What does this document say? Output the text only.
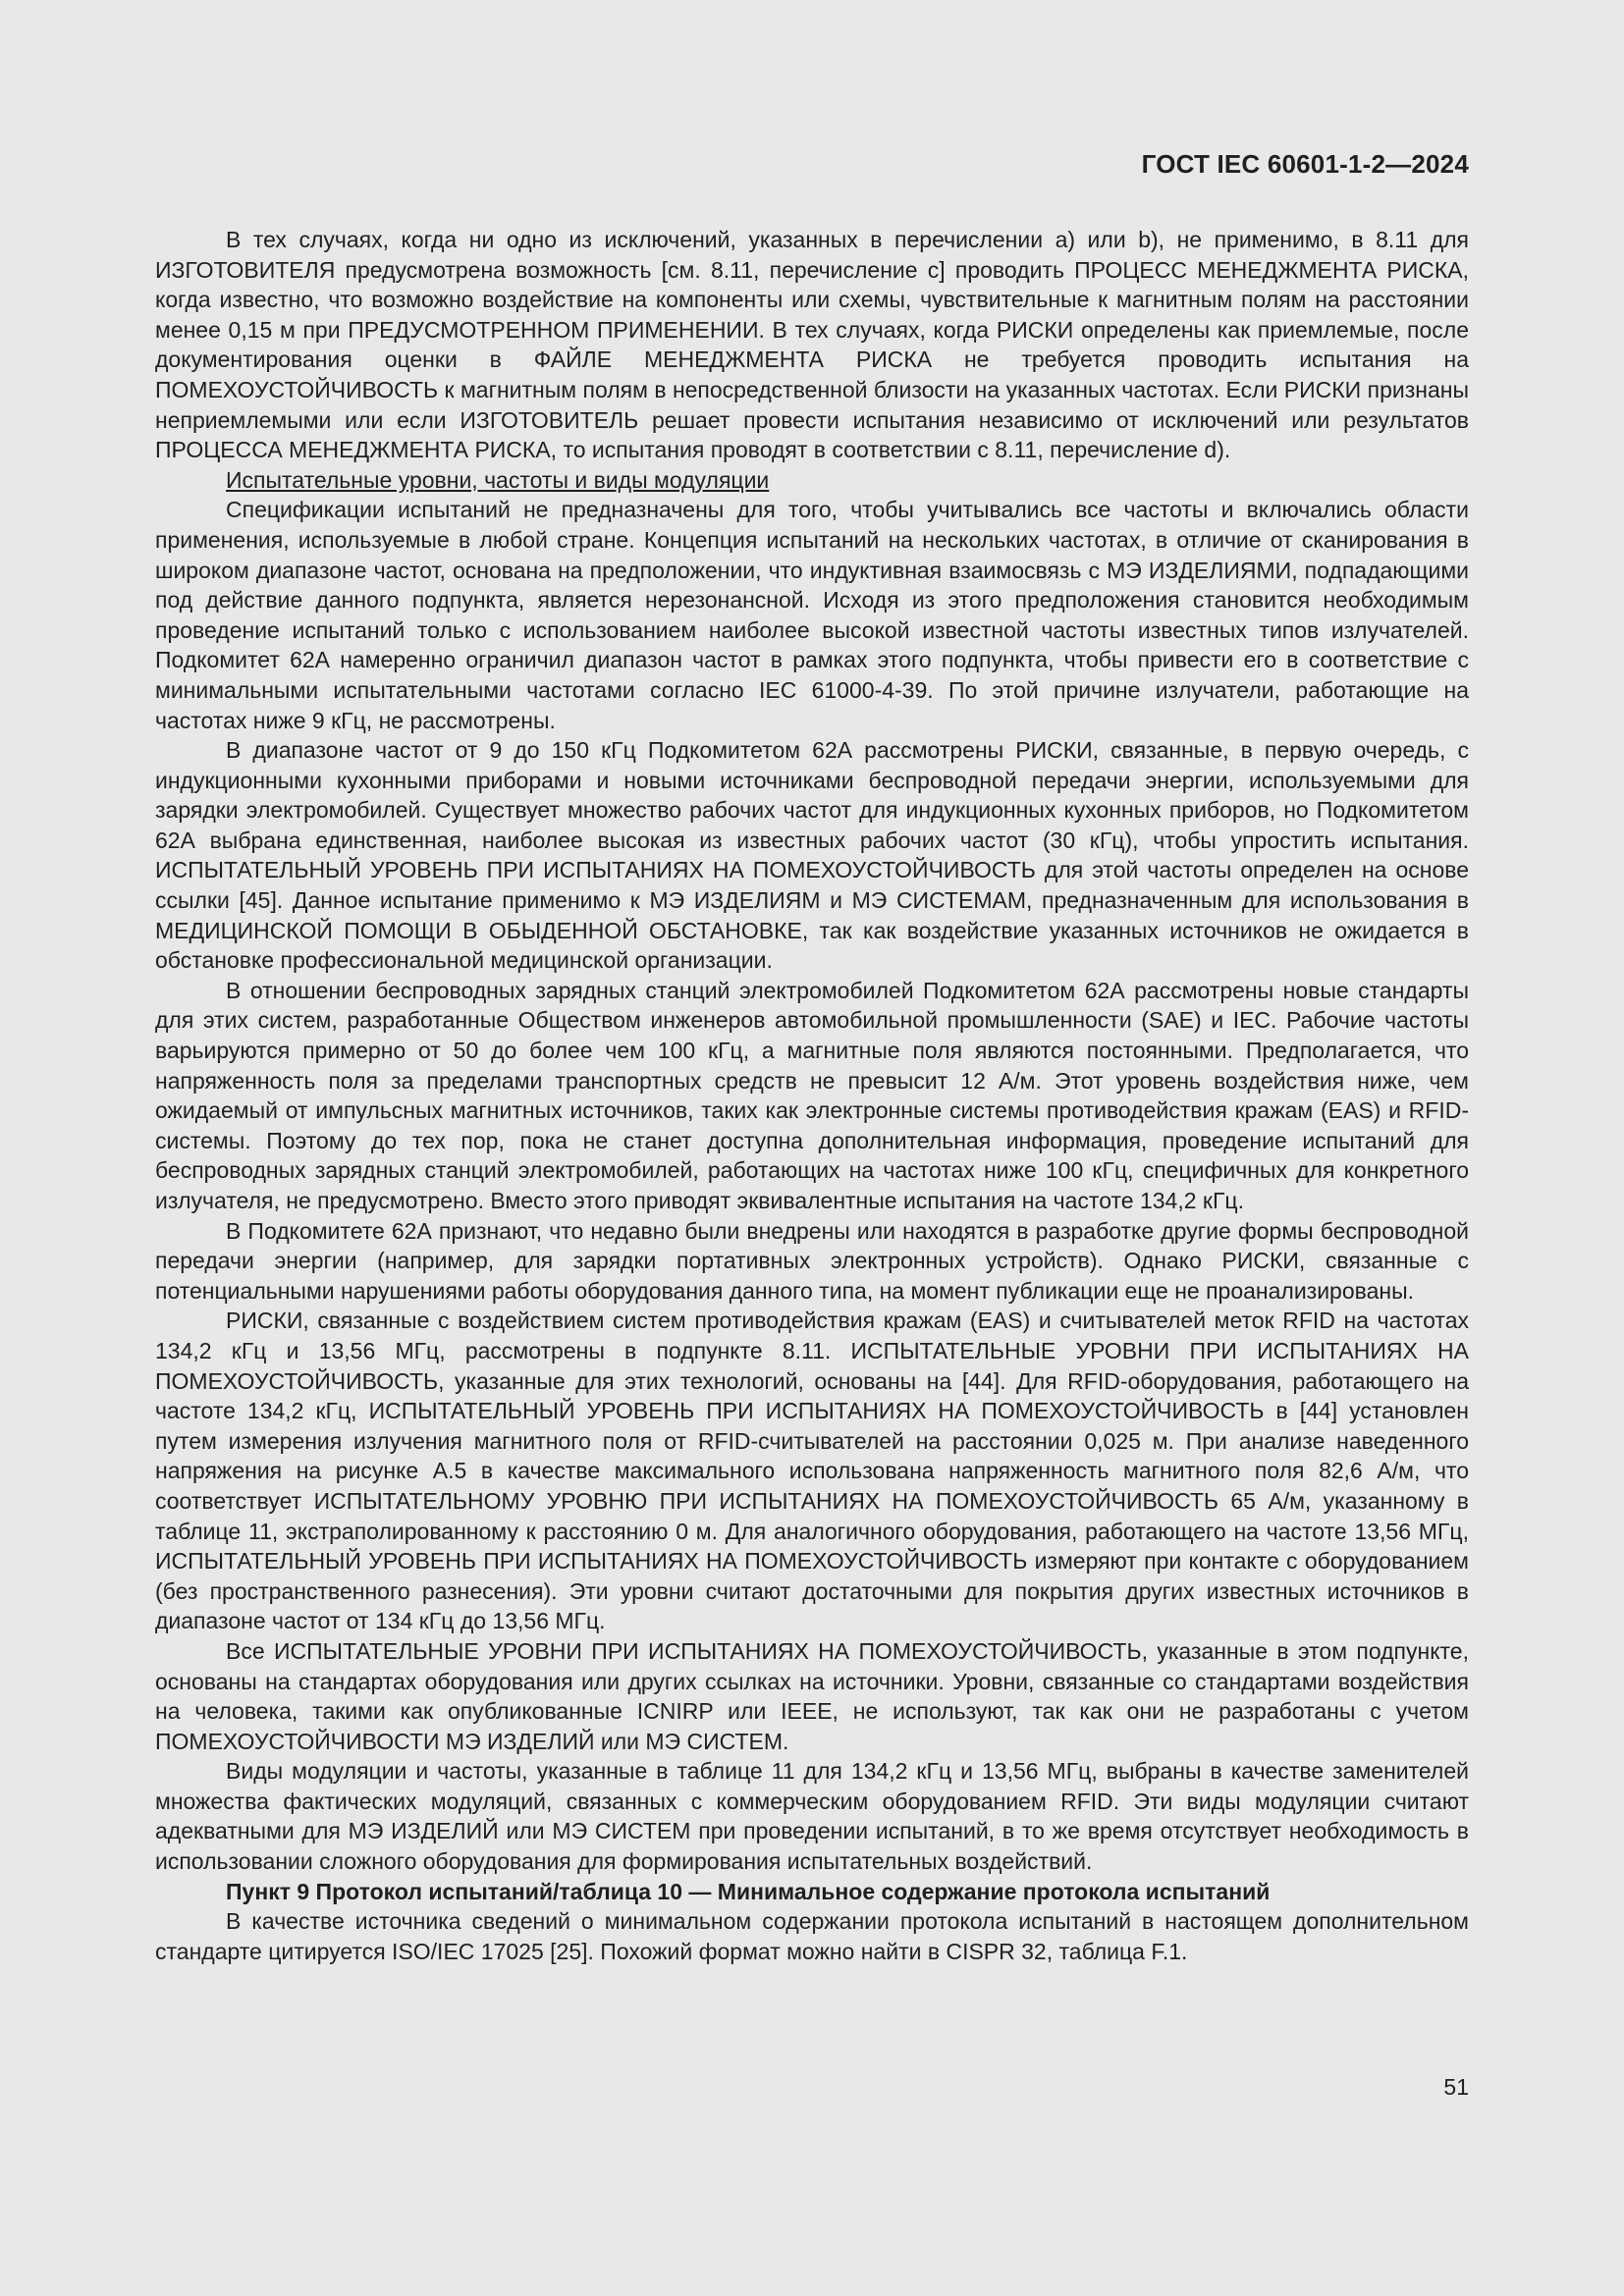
ГОСТ IEC 60601-1-2—2024

В тех случаях, когда ни одно из исключений, указанных в перечислении а) или b), не применимо, в 8.11 для ИЗГОТОВИТЕЛЯ предусмотрена возможность [см. 8.11, перечисление с] проводить ПРОЦЕСС МЕНЕДЖМЕНТА РИСКА, когда известно, что возможно воздействие на компоненты или схемы, чувствительные к магнитным полям на расстоянии менее 0,15 м при ПРЕДУСМОТРЕННОМ ПРИМЕНЕНИИ. В тех случаях, когда РИСКИ определены как приемлемые, после документирования оценки в ФАЙЛЕ МЕНЕДЖМЕНТА РИСКА не требуется проводить испытания на ПОМЕХОУСТОЙЧИВОСТЬ к магнитным полям в непосредственной близости на указанных частотах. Если РИСКИ признаны неприемлемыми или если ИЗГОТОВИТЕЛЬ решает провести испытания независимо от исключений или результатов ПРОЦЕССА МЕНЕДЖМЕНТА РИСКА, то испытания проводят в соответствии с 8.11, перечисление d).

Испытательные уровни, частоты и виды модуляции

Спецификации испытаний не предназначены для того, чтобы учитывались все частоты и включались области применения, используемые в любой стране. Концепция испытаний на нескольких частотах, в отличие от сканирования в широком диапазоне частот, основана на предположении, что индуктивная взаимосвязь с МЭ ИЗДЕЛИЯМИ, подпадающими под действие данного подпункта, является нерезонансной. Исходя из этого предположения становится необходимым проведение испытаний только с использованием наиболее высокой известной частоты известных типов излучателей. Подкомитет 62А намеренно ограничил диапазон частот в рамках этого подпункта, чтобы привести его в соответствие с минимальными испытательными частотами согласно IEC 61000-4-39. По этой причине излучатели, работающие на частотах ниже 9 кГц, не рассмотрены.

В диапазоне частот от 9 до 150 кГц Подкомитетом 62А рассмотрены РИСКИ, связанные, в первую очередь, с индукционными кухонными приборами и новыми источниками беспроводной передачи энергии, используемыми для зарядки электромобилей. Существует множество рабочих частот для индукционных кухонных приборов, но Подкомитетом 62А выбрана единственная, наиболее высокая из известных рабочих частот (30 кГц), чтобы упростить испытания. ИСПЫТАТЕЛЬНЫЙ УРОВЕНЬ ПРИ ИСПЫТАНИЯХ НА ПОМЕХОУСТОЙЧИВОСТЬ для этой частоты определен на основе ссылки [45]. Данное испытание применимо к МЭ ИЗДЕЛИЯМ и МЭ СИСТЕМАМ, предназначенным для использования в МЕДИЦИНСКОЙ ПОМОЩИ В ОБЫДЕННОЙ ОБСТАНОВКЕ, так как воздействие указанных источников не ожидается в обстановке профессиональной медицинской организации.

В отношении беспроводных зарядных станций электромобилей Подкомитетом 62А рассмотрены новые стандарты для этих систем, разработанные Обществом инженеров автомобильной промышленности (SAE) и IEC. Рабочие частоты варьируются примерно от 50 до более чем 100 кГц, а магнитные поля являются постоянными. Предполагается, что напряженность поля за пределами транспортных средств не превысит 12 А/м. Этот уровень воздействия ниже, чем ожидаемый от импульсных магнитных источников, таких как электронные системы противодействия кражам (EAS) и RFID-системы. Поэтому до тех пор, пока не станет доступна дополнительная информация, проведение испытаний для беспроводных зарядных станций электромобилей, работающих на частотах ниже 100 кГц, специфичных для конкретного излучателя, не предусмотрено. Вместо этого приводят эквивалентные испытания на частоте 134,2 кГц.

В Подкомитете 62А признают, что недавно были внедрены или находятся в разработке другие формы беспроводной передачи энергии (например, для зарядки портативных электронных устройств). Однако РИСКИ, связанные с потенциальными нарушениями работы оборудования данного типа, на момент публикации еще не проанализированы.

РИСКИ, связанные с воздействием систем противодействия кражам (EAS) и считывателей меток RFID на частотах 134,2 кГц и 13,56 МГц, рассмотрены в подпункте 8.11. ИСПЫТАТЕЛЬНЫЕ УРОВНИ ПРИ ИСПЫТАНИЯХ НА ПОМЕХОУСТОЙЧИВОСТЬ, указанные для этих технологий, основаны на [44]. Для RFID-оборудования, работающего на частоте 134,2 кГц, ИСПЫТАТЕЛЬНЫЙ УРОВЕНЬ ПРИ ИСПЫТАНИЯХ НА ПОМЕХОУСТОЙЧИВОСТЬ в [44] установлен путем измерения излучения магнитного поля от RFID-считывателей на расстоянии 0,025 м. При анализе наведенного напряжения на рисунке А.5 в качестве максимального использована напряженность магнитного поля 82,6 А/м, что соответствует ИСПЫТАТЕЛЬНОМУ УРОВНЮ ПРИ ИСПЫТАНИЯХ НА ПОМЕХОУСТОЙЧИВОСТЬ 65 А/м, указанному в таблице 11, экстраполированному к расстоянию 0 м. Для аналогичного оборудования, работающего на частоте 13,56 МГц, ИСПЫТАТЕЛЬНЫЙ УРОВЕНЬ ПРИ ИСПЫТАНИЯХ НА ПОМЕХОУСТОЙЧИВОСТЬ измеряют при контакте с оборудованием (без пространственного разнесения). Эти уровни считают достаточными для покрытия других известных источников в диапазоне частот от 134 кГц до 13,56 МГц.

Все ИСПЫТАТЕЛЬНЫЕ УРОВНИ ПРИ ИСПЫТАНИЯХ НА ПОМЕХОУСТОЙЧИВОСТЬ, указанные в этом подпункте, основаны на стандартах оборудования или других ссылках на источники. Уровни, связанные со стандартами воздействия на человека, такими как опубликованные ICNIRP или IEEE, не используют, так как они не разработаны с учетом ПОМЕХОУСТОЙЧИВОСТИ МЭ ИЗДЕЛИЙ или МЭ СИСТЕМ.

Виды модуляции и частоты, указанные в таблице 11 для 134,2 кГц и 13,56 МГц, выбраны в качестве заменителей множества фактических модуляций, связанных с коммерческим оборудованием RFID. Эти виды модуляции считают адекватными для МЭ ИЗДЕЛИЙ или МЭ СИСТЕМ при проведении испытаний, в то же время отсутствует необходимость в использовании сложного оборудования для формирования испытательных воздействий.

Пункт 9 Протокол испытаний/таблица 10 — Минимальное содержание протокола испытаний

В качестве источника сведений о минимальном содержании протокола испытаний в настоящем дополнительном стандарте цитируется ISO/IEC 17025 [25]. Похожий формат можно найти в CISPR 32, таблица F.1.

51
